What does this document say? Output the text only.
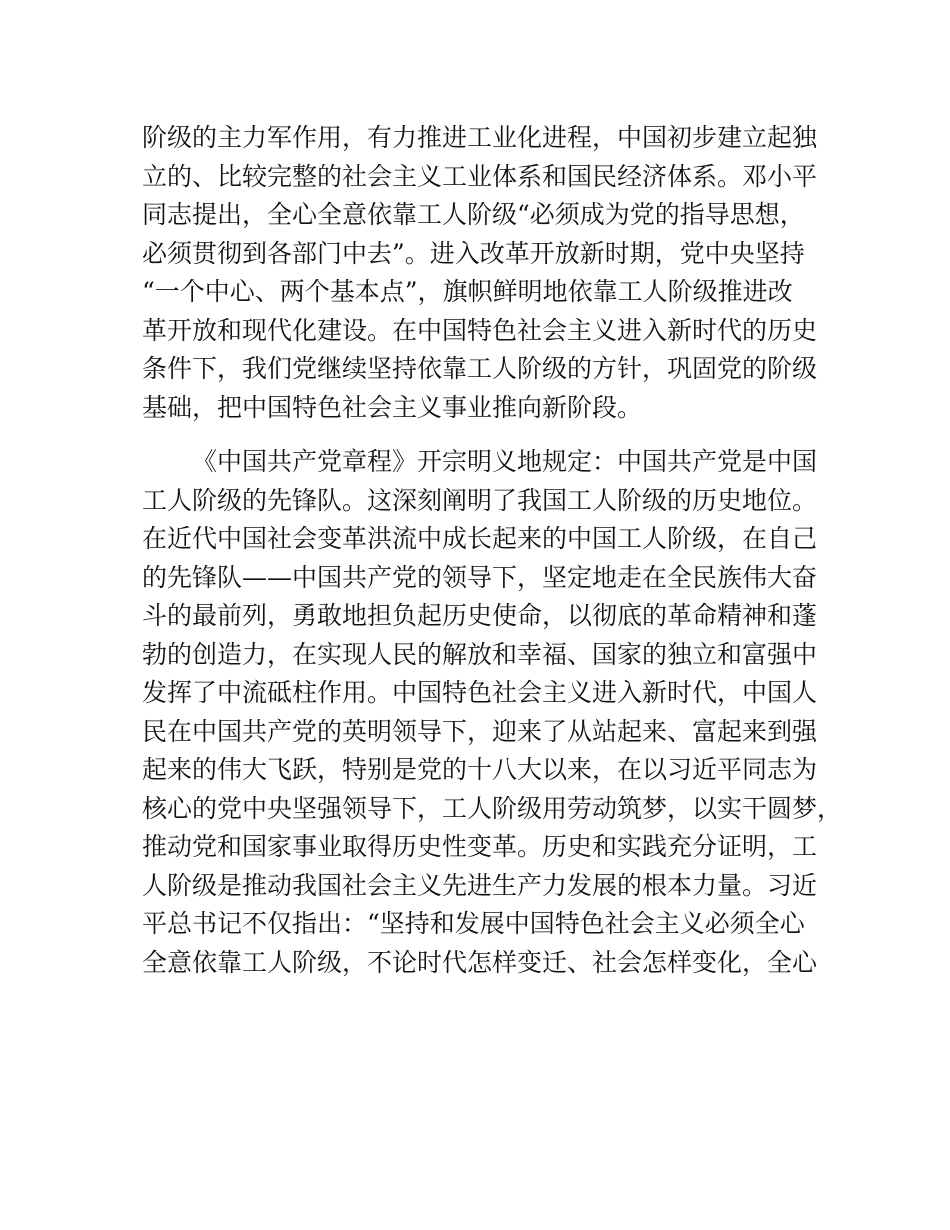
阶级的主力军作用，有力推进工业化进程，中国初步建立起独
立的、比较完整的社会主义工业体系和国民经济体系。邓小平
同志提出，全心全意依靠工人阶级“必须成为党的指导思想，
必须贯彻到各部门中去”。进入改革开放新时期，党中央坚持
“一个中心、两个基本点”，旗帜鲜明地依靠工人阶级推进改
革开放和现代化建设。在中国特色社会主义进入新时代的历史
条件下，我们党继续坚持依靠工人阶级的方针，巩固党的阶级
基础，把中国特色社会主义事业推向新阶段。
《中国共产党章程》开宗明义地规定：中国共产党是中国
工人阶级的先锋队。这深刻阐明了我国工人阶级的历史地位。
在近代中国社会变革洪流中成长起来的中国工人阶级，在自己
的先锋队——中国共产党的领导下，坚定地走在全民族伟大奋
斗的最前列，勇敢地担负起历史使命，以彻底的革命精神和蓬
勃的创造力，在实现人民的解放和幸福、国家的独立和富强中
发挥了中流砥柱作用。中国特色社会主义进入新时代，中国人
民在中国共产党的英明领导下，迎来了从站起来、富起来到强
起来的伟大飞跃，特别是党的十八大以来，在以习近平同志为
核心的党中央坚强领导下，工人阶级用劳动筑梦，以实干圆梦，
推动党和国家事业取得历史性变革。历史和实践充分证明，工
人阶级是推动我国社会主义先进生产力发展的根本力量。习近
平总书记不仅指出：“坚持和发展中国特色社会主义必须全心
全意依靠工人阶级，不论时代怎样变迁、社会怎样变化，全心
